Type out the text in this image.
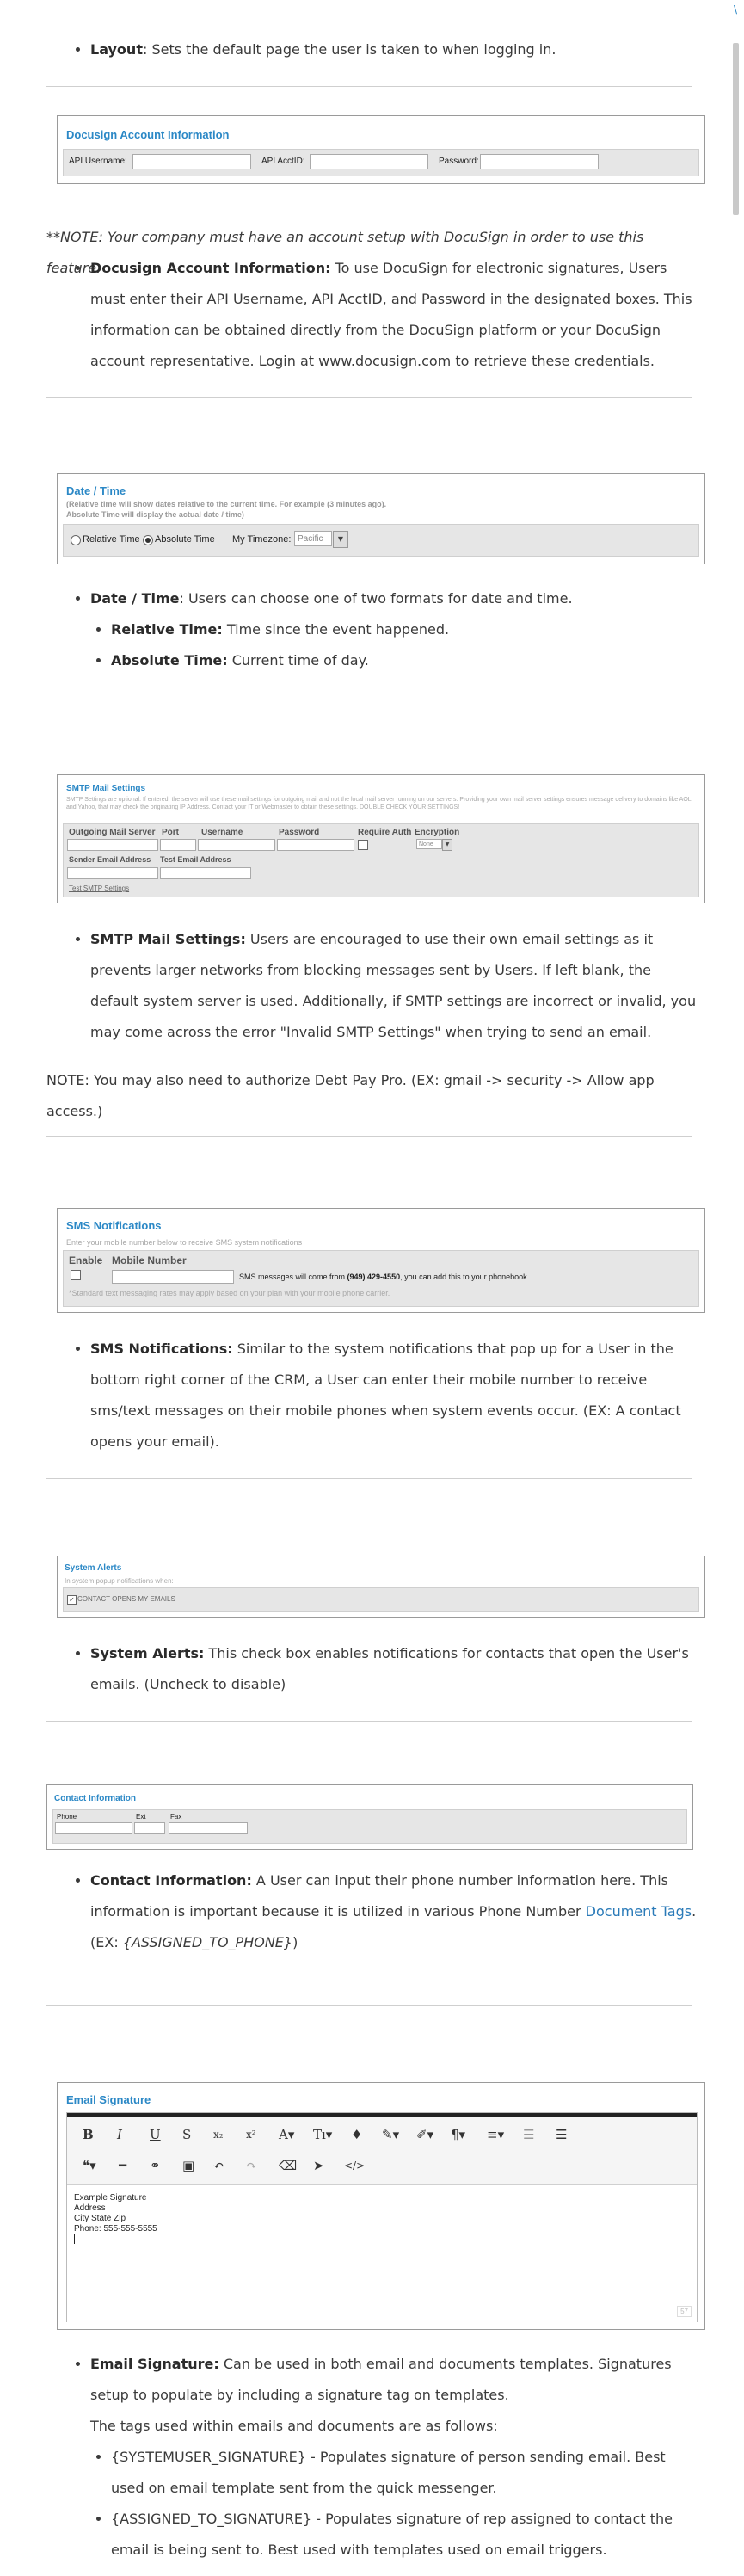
\
• Layout: Sets the default page the user is taken to when logging in.
Docusign Account Information
API Username:	API AcctID:	Password:
**NOTE: Your company must have an account setup with DocuSign in order to use this feature.
• Docusign Account Information: To use DocuSign for electronic signatures, Users must enter their API Username, API AcctID, and Password in the designated boxes. This information can be obtained directly from the DocuSign platform or your DocuSign account representative. Login at www.docusign.com to retrieve these credentials.
Date / Time
(Relative time will show dates relative to the current time. For example (3 minutes ago).
Absolute Time will display the actual date / time)
Relative Time Absolute Time My Timezone: Pacific	▼
• Date / Time: Users can choose one of two formats for date and time.
• Relative Time: Time since the event happened.
• Absolute Time: Current time of day.
SMTP Mail Settings
SMTP Settings are optional. If entered, the server will use these mail settings for outgoing mail and not the local mail server running on our servers. Providing your own mail server settings ensures message delivery to domains like AOL and Yahoo, that may check the originating IP Address. Contact your IT or Webmaster to obtain these settings. DOUBLE CHECK YOUR SETTINGS!
Outgoing Mail Server Port	Username	Password	Require Auth Encryption
None	▼
Sender Email Address Test Email Address
Test SMTP Settings
• SMTP Mail Settings: Users are encouraged to use their own email settings as it prevents larger networks from blocking messages sent by Users. If left blank, the default system server is used. Additionally, if SMTP settings are incorrect or invalid, you may come across the error "Invalid SMTP Settings" when trying to send an email.
NOTE: You may also need to authorize Debt Pay Pro. (EX: gmail -> security -> Allow app access.)
SMS Notifications
Enter your mobile number below to receive SMS system notifications
Enable Mobile Number
SMS messages will come from (949) 429-4550, you can add this to your phonebook.
*Standard text messaging rates may apply based on your plan with your mobile phone carrier.
• SMS Notifications: Similar to the system notifications that pop up for a User in the bottom right corner of the CRM, a User can enter their mobile number to receive sms/text messages on their mobile phones when system events occur. (EX: A contact opens your email).
System Alerts
In system popup notifications when:
✓ CONTACT OPENS MY EMAILS
• System Alerts: This check box enables notifications for contacts that open the User's emails. (Uncheck to disable)
Contact Information
Phone	Ext	Fax
• Contact Information: A User can input their phone number information here. This information is important because it is utilized in various Phone Number Document Tags.
(EX: {ASSIGNED_TO_PHONE})
Email Signature
B I U S x₂ x² A▾ Tı▾ ♦ ✎▾ ✐▾ ¶▾ ≡▾ ☰ ☰
❝▾ ━ ⚭ ▣ ↶ ↷ ⌫ ➤ </>
Example Signature
Address
City State Zip
Phone: 555-555-5555
57
• Email Signature: Can be used in both email and documents templates. Signatures setup to populate by including a signature tag on templates.
The tags used within emails and documents are as follows:
• {SYSTEMUSER_SIGNATURE} - Populates signature of person sending email. Best used on email template sent from the quick messenger.
• {ASSIGNED_TO_SIGNATURE} - Populates signature of rep assigned to contact the email is being sent to. Best used with templates used on email triggers.
